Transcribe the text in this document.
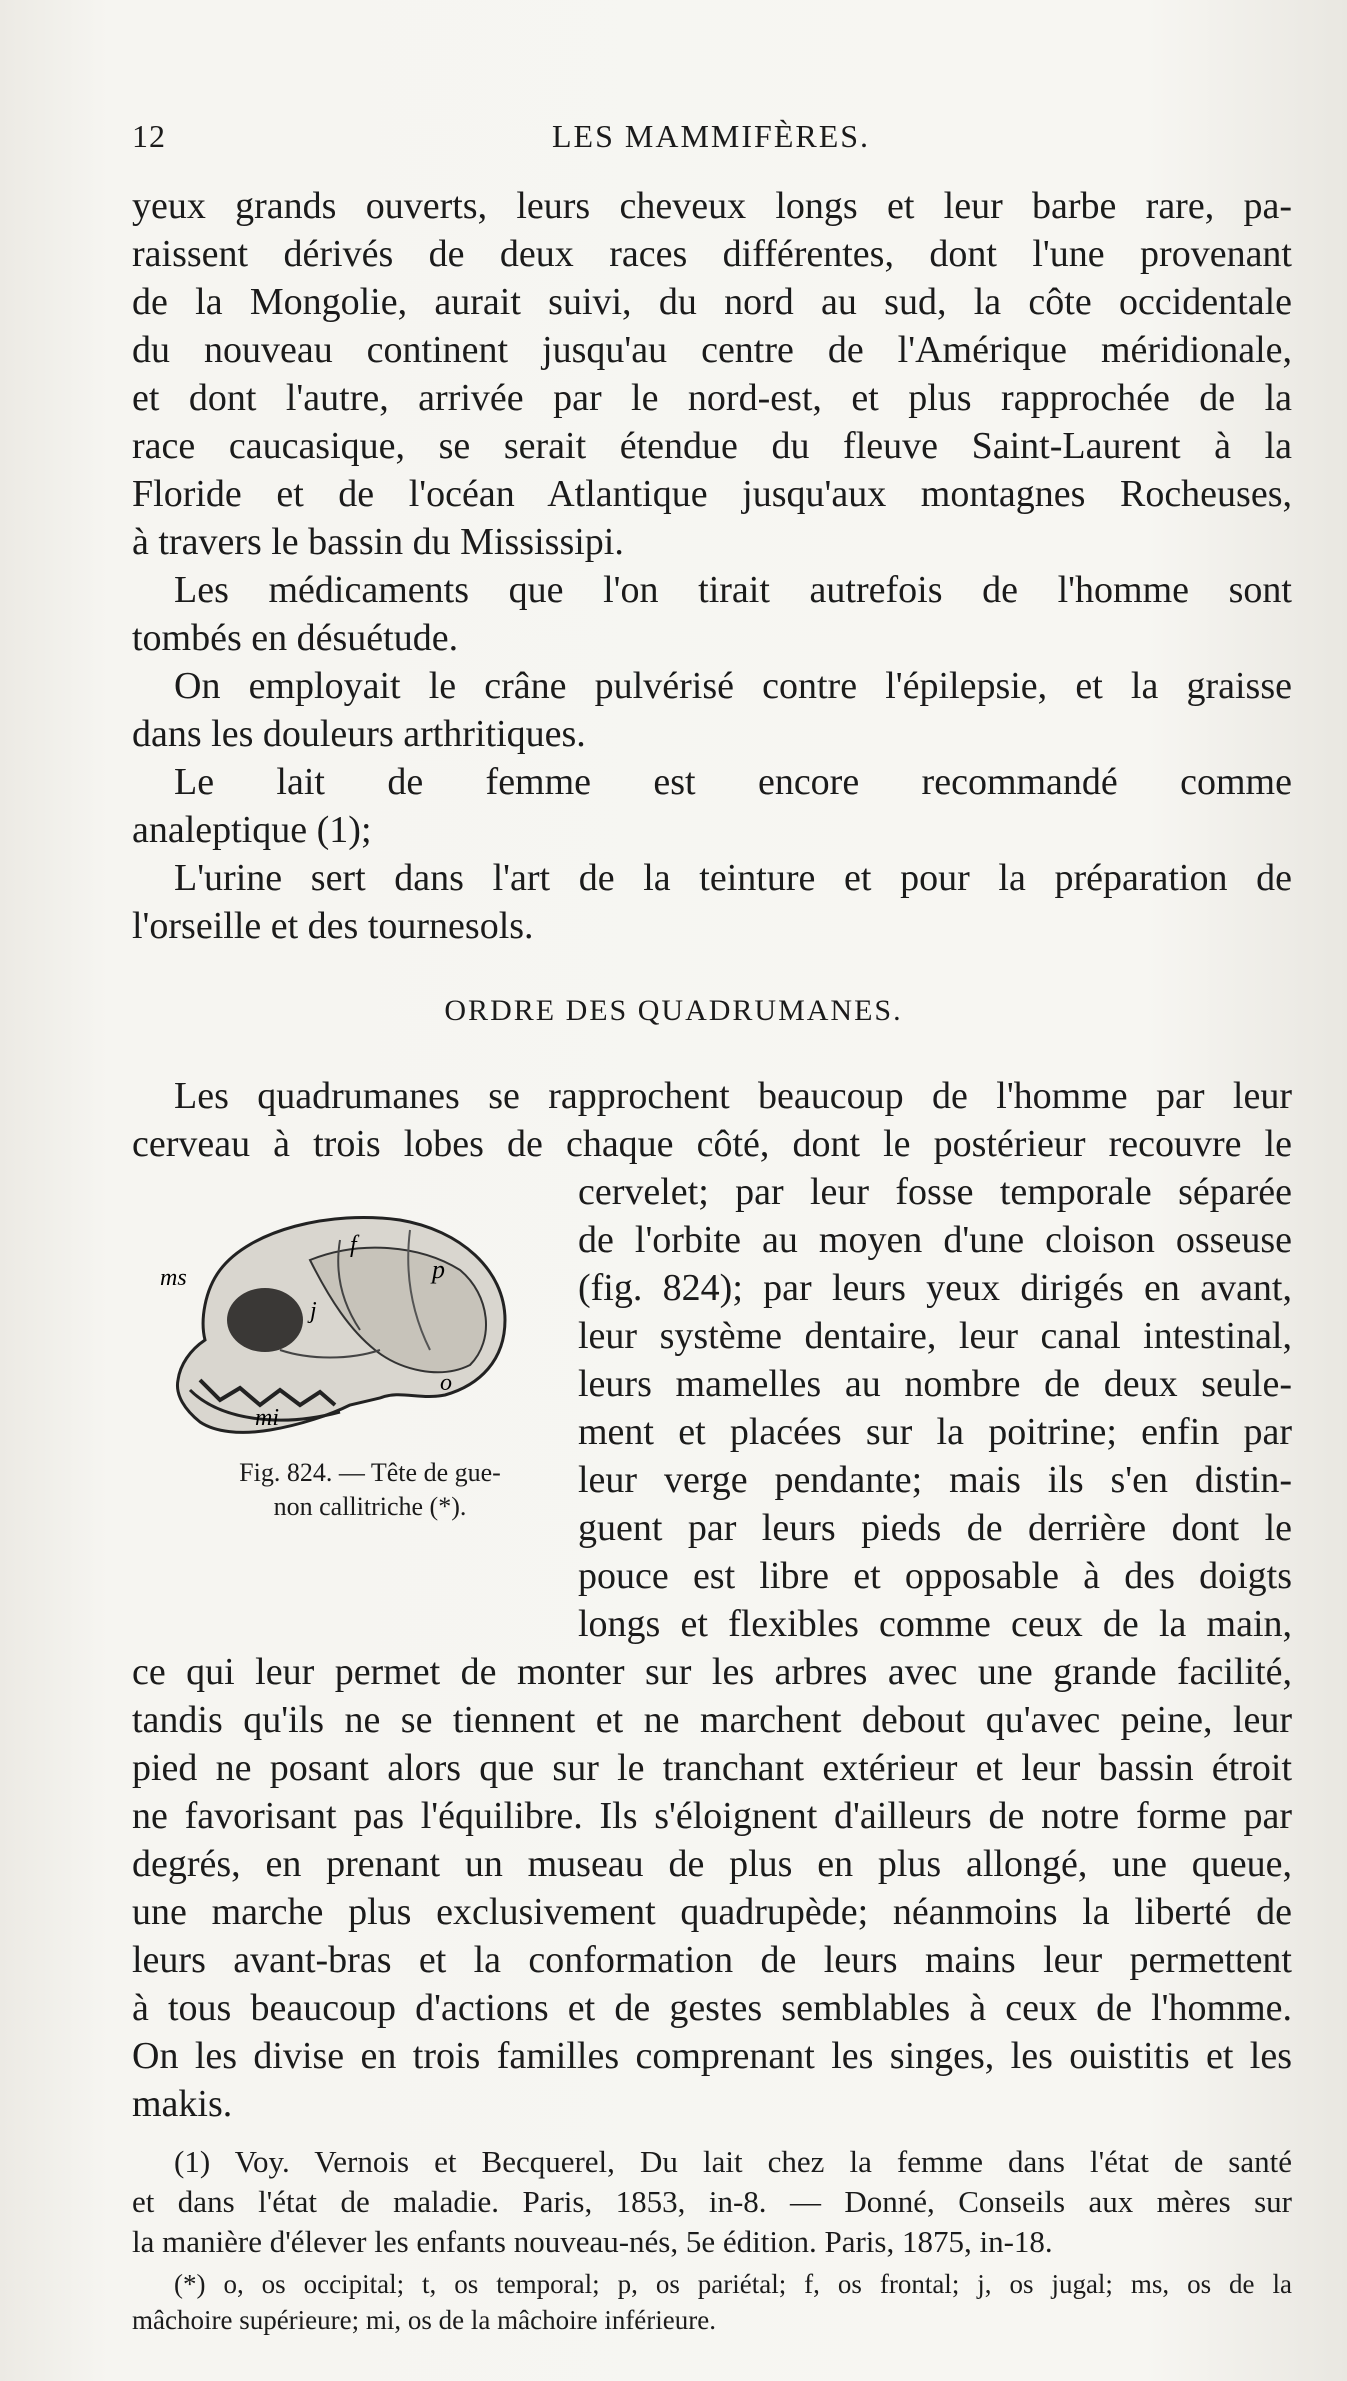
12	LES MAMMIFÈRES.
yeux grands ouverts, leurs cheveux longs et leur barbe rare, pa-
raissent dérivés de deux races différentes, dont l'une provenant
de la Mongolie, aurait suivi, du nord au sud, la côte occidentale
du nouveau continent jusqu'au centre de l'Amérique méridionale,
et dont l'autre, arrivée par le nord-est, et plus rapprochée de la
race caucasique, se serait étendue du fleuve Saint-Laurent à la
Floride et de l'océan Atlantique jusqu'aux montagnes Rocheuses,
à travers le bassin du Mississipi.
Les médicaments que l'on tirait autrefois de l'homme sont
tombés en désuétude.
On employait le crâne pulvérisé contre l'épilepsie, et la graisse
dans les douleurs arthritiques.
Le lait de femme est encore recommandé comme
analeptique (1);
L'urine sert dans l'art de la teinture et pour la préparation de
l'orseille et des tournesols.
ORDRE DES QUADRUMANES.
Les quadrumanes se rapprochent beaucoup de l'homme par leur
cerveau à trois lobes de chaque côté, dont le postérieur recouvre le
f
p
j
ms
mi
o
Fig. 824. — Tête de gue-
non callitriche (*).
cervelet; par leur fosse temporale séparée
de l'orbite au moyen d'une cloison osseuse
(fig. 824); par leurs yeux dirigés en avant,
leur système dentaire, leur canal intestinal,
leurs mamelles au nombre de deux seule-
ment et placées sur la poitrine; enfin par
leur verge pendante; mais ils s'en distin-
guent par leurs pieds de derrière dont le
pouce est libre et opposable à des doigts
longs et flexibles comme ceux de la main,
ce qui leur permet de monter sur les arbres avec une grande facilité,
tandis qu'ils ne se tiennent et ne marchent debout qu'avec peine, leur
pied ne posant alors que sur le tranchant extérieur et leur bassin étroit
ne favorisant pas l'équilibre. Ils s'éloignent d'ailleurs de notre forme par
degrés, en prenant un museau de plus en plus allongé, une queue,
une marche plus exclusivement quadrupède; néanmoins la liberté de
leurs avant-bras et la conformation de leurs mains leur permettent
à tous beaucoup d'actions et de gestes semblables à ceux de l'homme.
On les divise en trois familles comprenant les singes, les ouistitis et les
makis.
(1) Voy. Vernois et Becquerel, Du lait chez la femme dans l'état de santé
et dans l'état de maladie. Paris, 1853, in-8. — Donné, Conseils aux mères sur
la manière d'élever les enfants nouveau-nés, 5e édition. Paris, 1875, in-18.
(*) o, os occipital; t, os temporal; p, os pariétal; f, os frontal; j, os jugal; ms, os de la
mâchoire supérieure; mi, os de la mâchoire inférieure.
